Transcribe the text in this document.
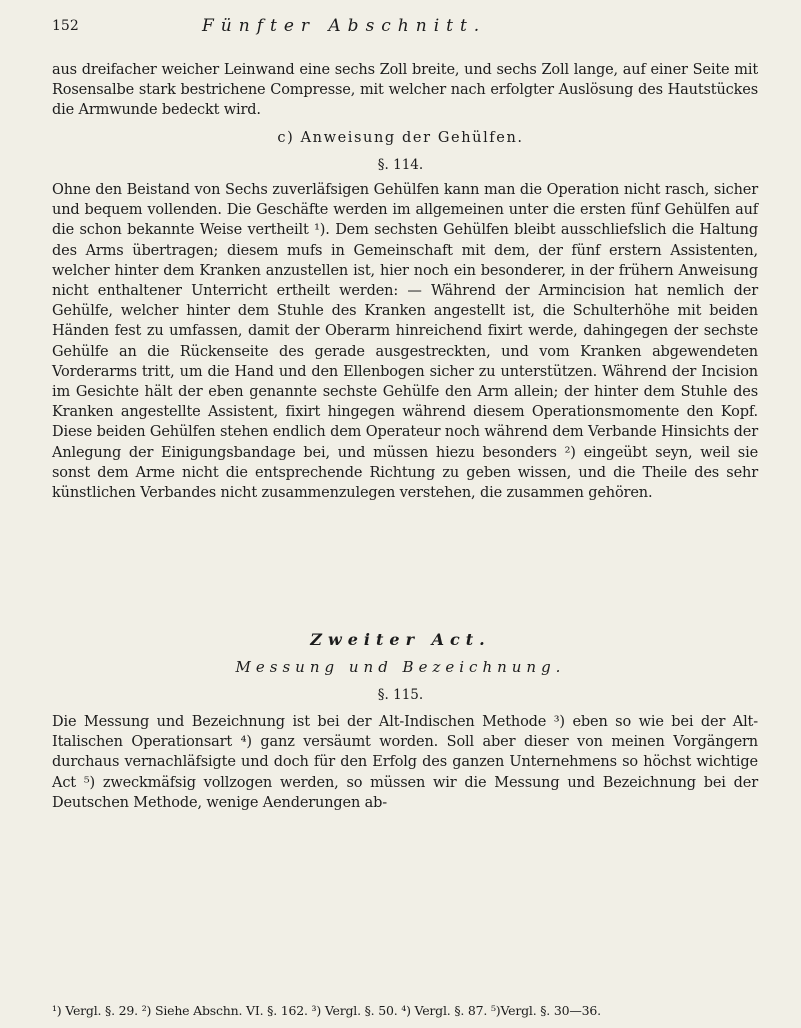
152	Fünfter Abschnitt.

aus dreifacher weicher Leinwand eine sechs Zoll breite, und sechs Zoll lange, auf einer Seite mit Rosensalbe stark bestrichene Compresse, mit welcher nach erfolgter Auslösung des Hautstückes die Armwunde bedeckt wird.

c) Anweisung der Gehülfen.
§. 114.

Ohne den Beistand von Sechs zuverläfsigen Gehülfen kann man die Operation nicht rasch, sicher und bequem vollenden. Die Geschäfte werden im allgemeinen unter die ersten fünf Gehülfen auf die schon bekannte Weise vertheilt ¹). Dem sechsten Gehülfen bleibt ausschliefslich die Haltung des Arms übertragen; diesem mufs in Gemeinschaft mit dem, der fünf erstern Assistenten, welcher hinter dem Kranken anzustellen ist, hier noch ein besonderer, in der frühern Anweisung nicht enthaltener Unterricht ertheilt werden: — Während der Armincision hat nemlich der Gehülfe, welcher hinter dem Stuhle des Kranken angestellt ist, die Schulterhöhe mit beiden Händen fest zu umfassen, damit der Oberarm hinreichend fixirt werde, dahingegen der sechste Gehülfe an die Rückenseite des gerade ausgestreckten, und vom Kranken abgewendeten Vorderarms tritt, um die Hand und den Ellenbogen sicher zu unterstützen. Während der Incision im Gesichte hält der eben genannte sechste Gehülfe den Arm allein; der hinter dem Stuhle des Kranken angestellte Assistent, fixirt hingegen während diesem Operationsmomente den Kopf. Diese beiden Gehülfen stehen endlich dem Operateur noch während dem Verbande Hinsichts der Anlegung der Einigungsbandage bei, und müssen hiezu besonders ²) eingeübt seyn, weil sie sonst dem Arme nicht die entsprechende Richtung zu geben wissen, und die Theile des sehr künstlichen Verbandes nicht zusammenzulegen verstehen, die zusammen gehören.

Zweiter Act.
Messung und Bezeichnung.
§. 115.

Die Messung und Bezeichnung ist bei der Alt-Indischen Methode ³) eben so wie bei der Alt-Italischen Operationsart ⁴) ganz versäumt worden. Soll aber dieser von meinen Vorgängern durchaus vernachläfsigte und doch für den Erfolg des ganzen Unternehmens so höchst wichtige Act ⁵) zweckmäfsig vollzogen werden, so müssen wir die Messung und Bezeichnung bei der Deutschen Methode, wenige Aenderungen ab-

¹) Vergl. §. 29. ²) Siehe Abschn. VI. §. 162. ³) Vergl. §. 50. ⁴) Vergl. §. 87. ⁵)Vergl. §. 30—36.
